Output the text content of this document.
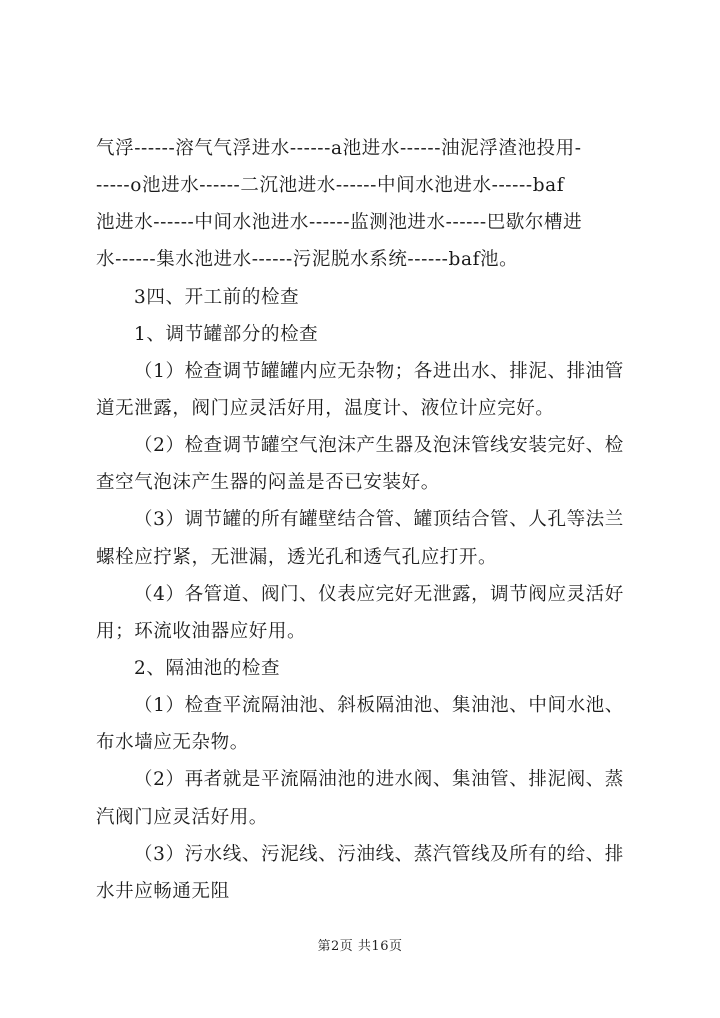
气浮------溶气气浮进水------a池进水------油泥浮渣池投用-
-----o池进水------二沉池进水------中间水池进水------baf
池进水------中间水池进水------监测池进水------巴歇尔槽进
水------集水池进水------污泥脱水系统------baf池。
3四、开工前的检查
1、调节罐部分的检查
（1）检查调节罐罐内应无杂物；各进出水、排泥、排油管
道无泄露，阀门应灵活好用，温度计、液位计应完好。
（2）检查调节罐空气泡沫产生器及泡沫管线安装完好、检
查空气泡沫产生器的闷盖是否已安装好。
（3）调节罐的所有罐壁结合管、罐顶结合管、人孔等法兰
螺栓应拧紧，无泄漏，透光孔和透气孔应打开。
（4）各管道、阀门、仪表应完好无泄露，调节阀应灵活好
用；环流收油器应好用。
2、隔油池的检查
（1）检查平流隔油池、斜板隔油池、集油池、中间水池、
布水墙应无杂物。
（2）再者就是平流隔油池的进水阀、集油管、排泥阀、蒸
汽阀门应灵活好用。
（3）污水线、污泥线、污油线、蒸汽管线及所有的给、排
水井应畅通无阻
第2页 共16页
